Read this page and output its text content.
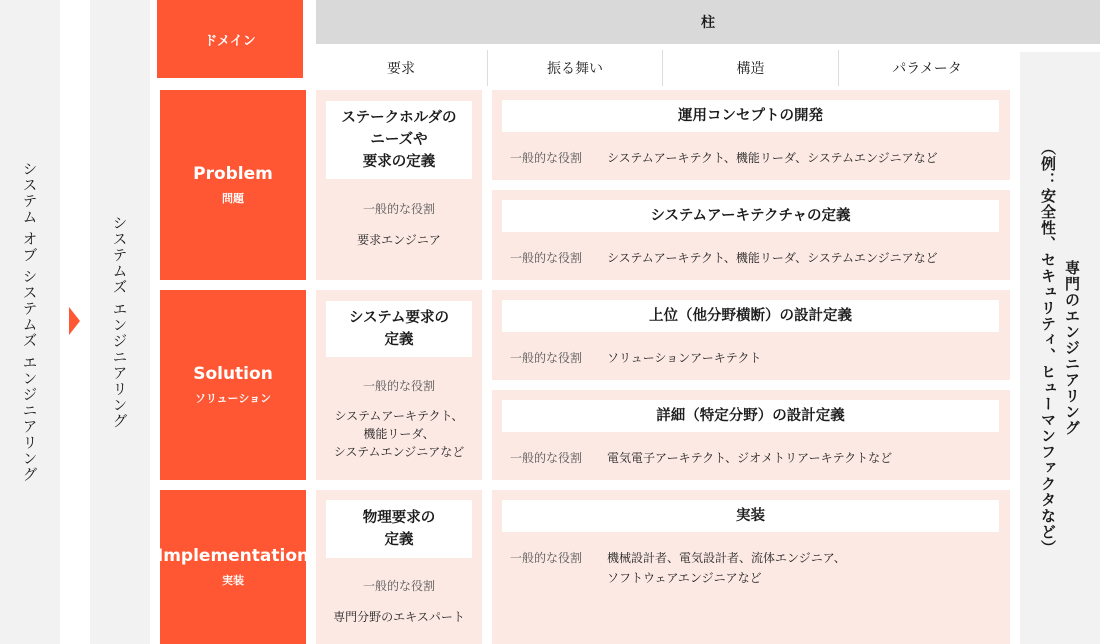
システム オブ システムズ エンジニアリング	システムズ エンジニアリング
ドメイン
柱
要求	振る舞い	構造	パラメータ
（例：安全性、セキュリティ、ヒューマンファクタなど） 専門のエンジニアリング
Problem
問題
ステークホルダの
ニーズや
要求の定義
一般的な役割
要求エンジニア
運用コンセプトの開発
一般的な役割 システムアーキテクト、機能リーダ、システムエンジニアなど
システムアーキテクチャの定義
一般的な役割 システムアーキテクト、機能リーダ、システムエンジニアなど
Solution
ソリューション
システム要求の
定義
一般的な役割
システムアーキテクト、
機能リーダ、
システムエンジニアなど
上位（他分野横断）の設計定義
一般的な役割 ソリューションアーキテクト
詳細（特定分野）の設計定義
一般的な役割 電気電子アーキテクト、ジオメトリアーキテクトなど
Implementation
実装
物理要求の
定義
一般的な役割
専門分野のエキスパート
実装
一般的な役割 機械設計者、電気設計者、流体エンジニア、
ソフトウェアエンジニアなど
